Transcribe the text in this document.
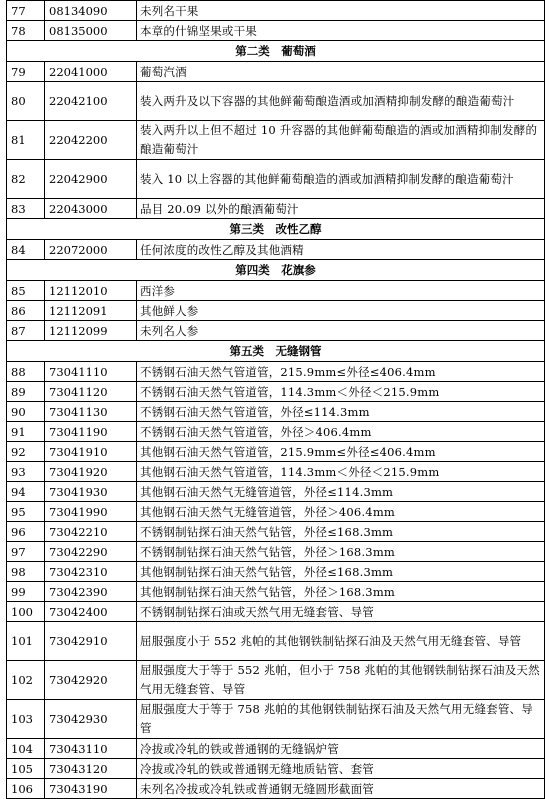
77	08134090	未列名干果
78	08135000	本章的什锦坚果或干果
第二类　葡萄酒		
79	22041000	葡萄汽酒
80	22042100	装入两升及以下容器的其他鲜葡萄酿造酒或加酒精抑制发酵的酿造葡萄汁
81	22042200	装入两升以上但不超过 10 升容器的其他鲜葡萄酿造的酒或加酒精抑制发酵的酿造葡萄汁
82	22042900	装入 10 以上容器的其他鲜葡萄酿造的酒或加酒精抑制发酵的酿造葡萄汁
83	22043000	品目 20.09 以外的酿酒葡萄汁
第三类　改性乙醇		
84	22072000	任何浓度的改性乙醇及其他酒精
第四类　花旗参		
85	12112010	西洋参
86	12112091	其他鲜人参
87	12112099	未列名人参
第五类　无缝钢管		
88	73041110	不锈钢石油天然气管道管，215.9mm≤外径≤406.4mm
89	73041120	不锈钢石油天然气管道管，114.3mm＜外径＜215.9mm
90	73041130	不锈钢石油天然气管道管，外径≤114.3mm
91	73041190	不锈钢石油天然气管道管，外径＞406.4mm
92	73041910	其他钢石油天然气管道管，215.9mm≤外径≤406.4mm
93	73041920	其他钢石油天然气管道管，114.3mm＜外径＜215.9mm
94	73041930	其他钢石油天然气无缝管道管，外径≤114.3mm
95	73041990	其他钢石油天然气无缝管道管，外径＞406.4mm
96	73042210	不锈钢制钻探石油天然气钻管，外径≤168.3mm
97	73042290	不锈钢制钻探石油天然气钻管，外径＞168.3mm
98	73042310	其他钢制钻探石油天然气钻管，外径≤168.3mm
99	73042390	其他钢制钻探石油天然气钻管，外径＞168.3mm
100	73042400	不锈钢制钻探石油或天然气用无缝套管、导管
101	73042910	屈服强度小于 552 兆帕的其他钢铁制钻探石油及天然气用无缝套管、导管
102	73042920	屈服强度大于等于 552 兆帕，但小于 758 兆帕的其他钢铁制钻探石油及天然气用无缝套管、导管
103	73042930	屈服强度大于等于 758 兆帕的其他钢铁制钻探石油及天然气用无缝套管、导管
104	73043110	冷拔或冷轧的铁或普通钢的无缝锅炉管
105	73043120	冷拔或冷轧的铁或普通钢无缝地质钻管、套管
106	73043190	未列名冷拔或冷轧铁或普通钢无缝圆形截面管
